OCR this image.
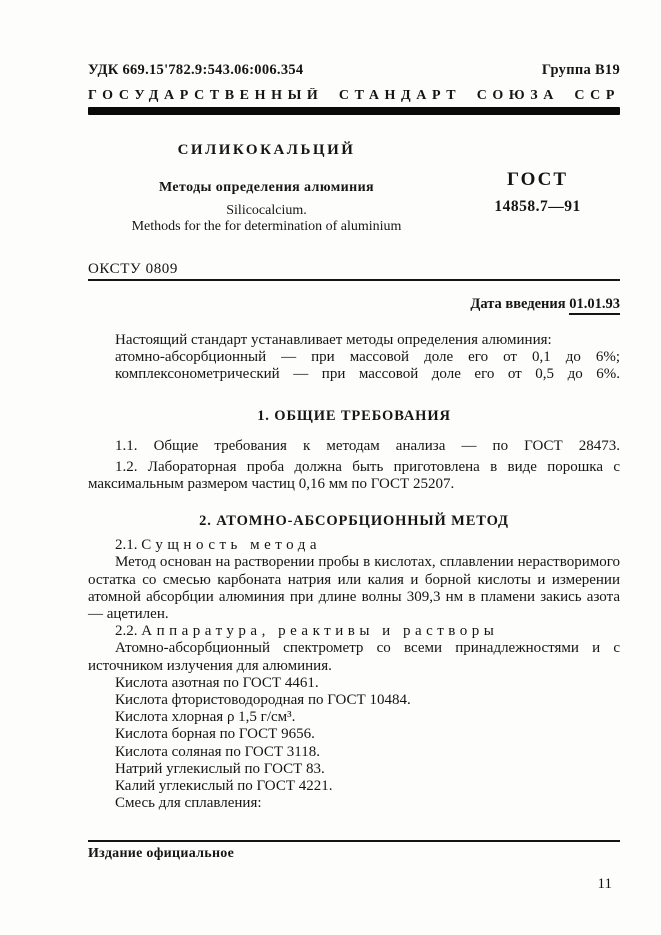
УДК 669.15'782.9:543.06:006.354	Группа В19
ГОСУДАРСТВЕННЫЙ СТАНДАРТ СОЮЗА ССР
СИЛИКОКАЛЬЦИЙ
Методы определения алюминия
Silicocalcium.
Methods for the for determination of aluminium
ГОСТ
14858.7—91
ОКСТУ 0809
Дата введения 01.01.93

Настоящий стандарт устанавливает методы определения алюминия:

атомно-абсорбционный — при массовой доле его от 0,1 до 6%;

комплексонометрический — при массовой доле его от 0,5 до 6%.

1. ОБЩИЕ ТРЕБОВАНИЯ

1.1. Общие требования к методам анализа — по ГОСТ 28473.

1.2. Лабораторная проба должна быть приготовлена в виде порошка с максимальным размером частиц 0,16 мм по ГОСТ 25207.

2. АТОМНО-АБСОРБЦИОННЫЙ МЕТОД

2.1. Сущность метода

Метод основан на растворении пробы в кислотах, сплавлении нерастворимого остатка со смесью карбоната натрия или калия и борной кислоты и измерении атомной абсорбции алюминия при длине волны 309,3 нм в пламени закись азота — ацетилен.

2.2. Аппаратура, реактивы и растворы

Атомно-абсорбционный спектрометр со всеми принадлежностями и с источником излучения для алюминия.

Кислота азотная по ГОСТ 4461.

Кислота фтористоводородная по ГОСТ 10484.

Кислота хлорная ρ 1,5 г/см³.

Кислота борная по ГОСТ 9656.

Кислота соляная по ГОСТ 3118.

Натрий углекислый по ГОСТ 83.

Калий углекислый по ГОСТ 4221.

Смесь для сплавления:

Издание официальное
11
